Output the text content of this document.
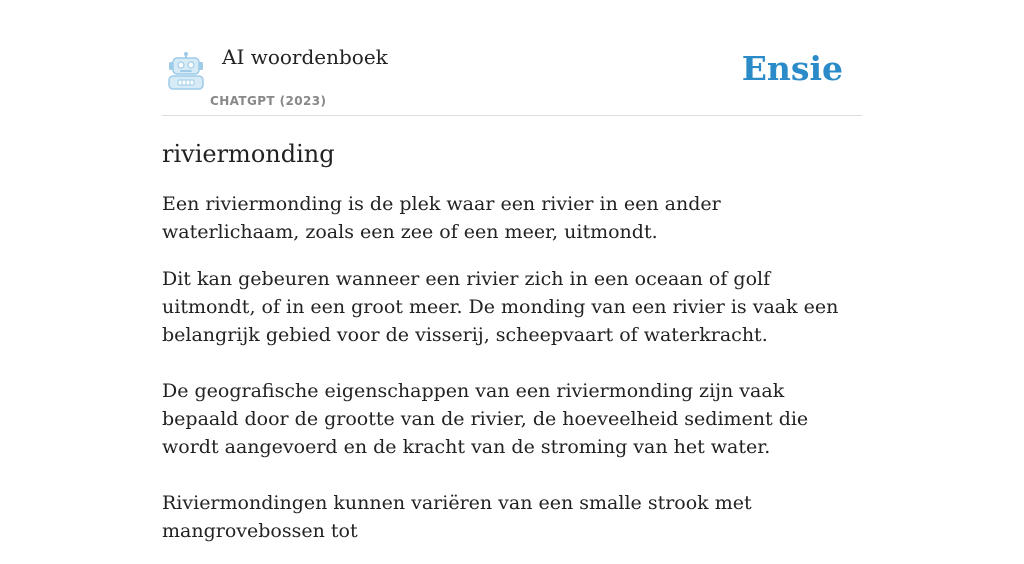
AI woordenboek
CHATGPT (2023)
Ensie
riviermonding

Een riviermonding is de plek waar een rivier in een ander waterlichaam, zoals een zee of een meer, uitmondt.

Dit kan gebeuren wanneer een rivier zich in een oceaan of golf uitmondt, of in een groot meer. De monding van een rivier is vaak een belangrijk gebied voor de visserij, scheepvaart of waterkracht.

De geografische eigenschappen van een riviermonding zijn vaak bepaald door de grootte van de rivier, de hoeveelheid sediment die wordt aangevoerd en de kracht van de stroming van het water.

Riviermondingen kunnen variëren van een smalle strook met mangrovebossen tot
